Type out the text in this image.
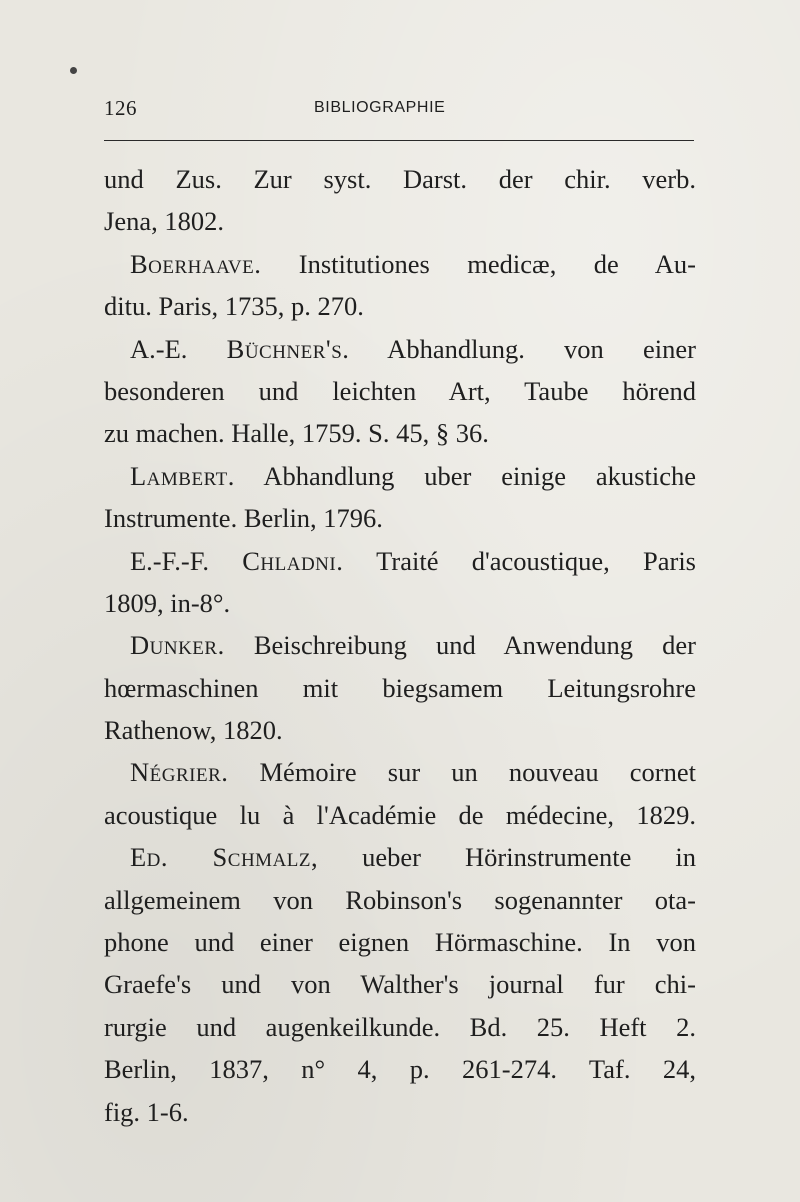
126	BIBLIOGRAPHIE
und Zus. Zur syst. Darst. der chir. verb.
Jena, 1802.
Boerhaave. Institutiones medicæ, de Au-
ditu. Paris, 1735, p. 270.
A.-E. Büchner's. Abhandlung. von einer
besonderen und leichten Art, Taube hörend
zu machen. Halle, 1759. S. 45, § 36.
Lambert. Abhandlung uber einige akustiche
Instrumente. Berlin, 1796.
E.-F.-F. Chladni. Traité d'acoustique, Paris
1809, in-8°.
Dunker. Beischreibung und Anwendung der
hœrmaschinen mit biegsamem Leitungsrohre
Rathenow, 1820.
Négrier. Mémoire sur un nouveau cornet
acoustique lu à l'Académie de médecine, 1829.
Ed. Schmalz, ueber Hörinstrumente in
allgemeinem von Robinson's sogenannter ota-
phone und einer eignen Hörmaschine. In von
Graefe's und von Walther's journal fur chi-
rurgie und augenkeilkunde. Bd. 25. Heft 2.
Berlin, 1837, n° 4, p. 261-274. Taf. 24,
fig. 1-6.
